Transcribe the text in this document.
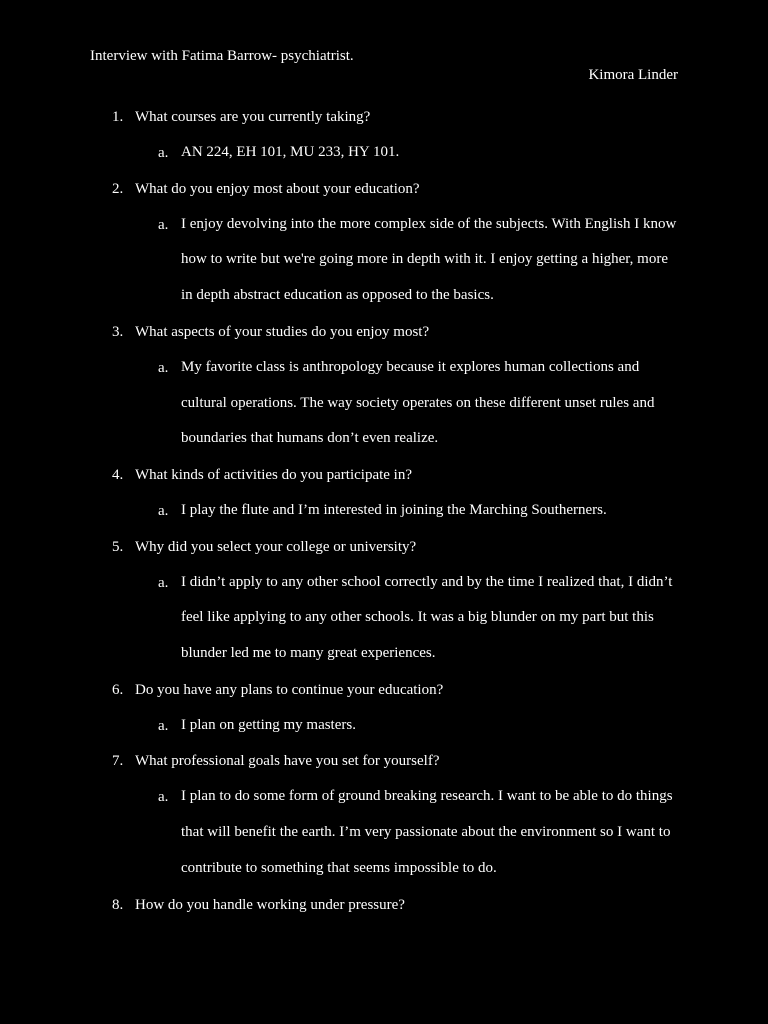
Interview with Fatima Barrow- psychiatrist.
Kimora Linder
1. What courses are you currently taking?
a. AN 224, EH 101, MU 233, HY 101.
2. What do you enjoy most about your education?
a. I enjoy devolving into the more complex side of the subjects. With English I know how to write but we're going more in depth with it. I enjoy getting a higher, more in depth abstract education as opposed to the basics.
3. What aspects of your studies do you enjoy most?
a. My favorite class is anthropology because it explores human collections and cultural operations. The way society operates on these different unset rules and boundaries that humans don’t even realize.
4. What kinds of activities do you participate in?
a. I play the flute and I’m interested in joining the Marching Southerners.
5. Why did you select your college or university?
a. I didn’t apply to any other school correctly and by the time I realized that, I didn’t feel like applying to any other schools. It was a big blunder on my part but this blunder led me to many great experiences.
6. Do you have any plans to continue your education?
a. I plan on getting my masters.
7. What professional goals have you set for yourself?
a. I plan to do some form of ground breaking research. I want to be able to do things that will benefit the earth. I’m very passionate about the environment so I want to contribute to something that seems impossible to do.
8. How do you handle working under pressure?
